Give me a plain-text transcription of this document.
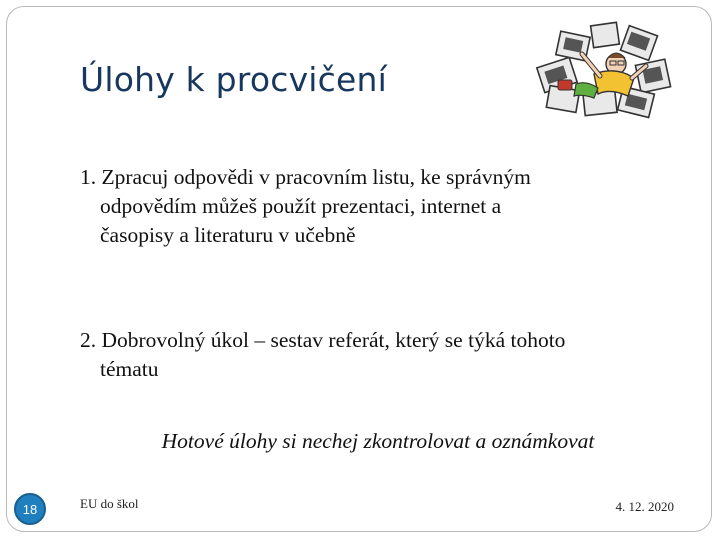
Úlohy k procvičení
1. Zpracuj odpovědi v pracovním listu, ke správným
odpovědím můžeš použít prezentaci, internet a
časopisy a literaturu v učebně
2. Dobrovolný úkol – sestav referát, který se týká tohoto
tématu
Hotové úlohy si nechej zkontrolovat a oznámkovat
18	EU do škol	4. 12. 2020
